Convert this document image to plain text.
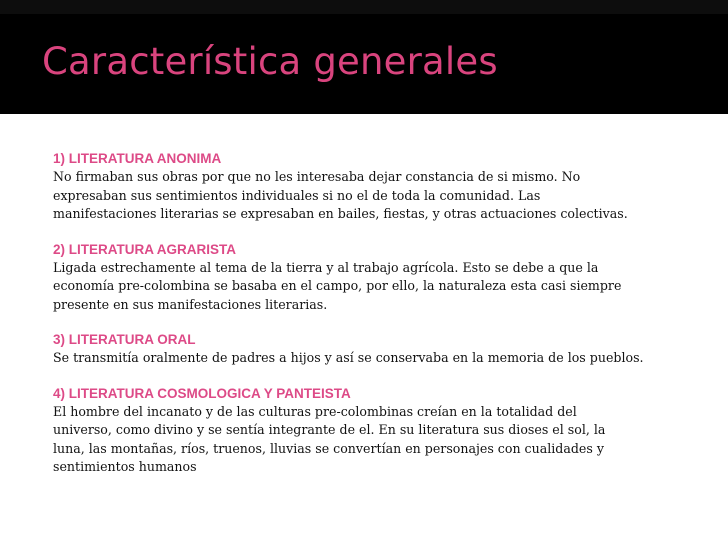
Característica generales
1) LITERATURA ANONIMA

No firmaban sus obras por que no les interesaba dejar constancia de si mismo. No
expresaban sus sentimientos individuales si no el de toda la comunidad. Las
manifestaciones literarias se expresaban en bailes, fiestas, y otras actuaciones colectivas.

2) LITERATURA AGRARISTA

Ligada estrechamente al tema de la tierra y al trabajo agrícola. Esto se debe a que la
economía pre-colombina se basaba en el campo, por ello, la naturaleza esta casi siempre
presente en sus manifestaciones literarias.

3) LITERATURA ORAL

Se transmitía oralmente de padres a hijos y así se conservaba en la memoria de los pueblos.

4) LITERATURA COSMOLOGICA Y PANTEISTA

El hombre del incanato y de las culturas pre-colombinas creían en la totalidad del
universo, como divino y se sentía integrante de el. En su literatura sus dioses el sol, la
luna, las montañas, ríos, truenos, lluvias se convertían en personajes con cualidades y
sentimientos humanos
